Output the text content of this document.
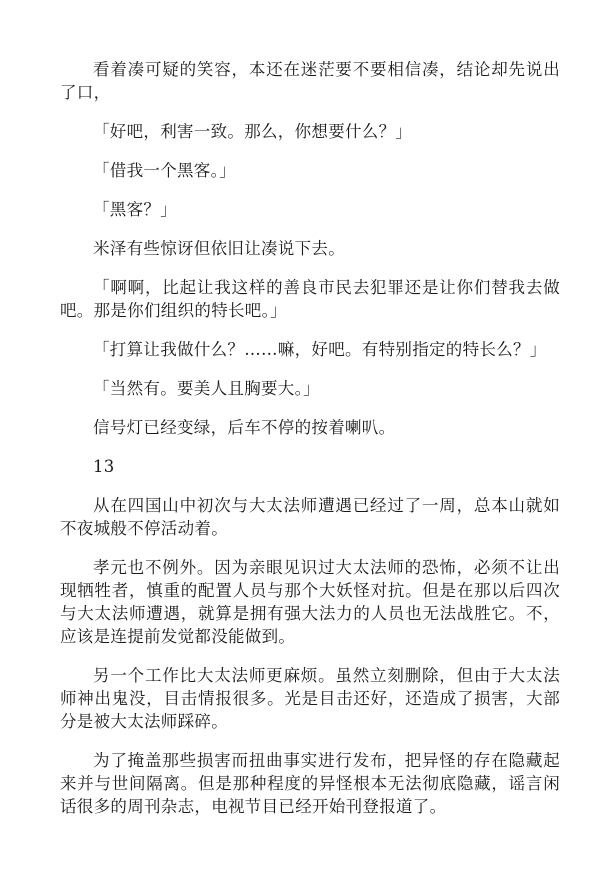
看着凑可疑的笑容，本还在迷茫要不要相信凑，结论却先说出了口，

「好吧，利害一致。那么，你想要什么？」

「借我一个黑客。」

「黑客？」

米泽有些惊讶但依旧让凑说下去。

「啊啊，比起让我这样的善良市民去犯罪还是让你们替我去做吧。那是你们组织的特长吧。」

「打算让我做什么？……嘛，好吧。有特别指定的特长么？」

「当然有。要美人且胸要大。」

信号灯已经变绿，后车不停的按着喇叭。

13

从在四国山中初次与大太法师遭遇已经过了一周，总本山就如不夜城般不停活动着。

孝元也不例外。因为亲眼见识过大太法师的恐怖，必须不让出现牺牲者，慎重的配置人员与那个大妖怪对抗。但是在那以后四次与大太法师遭遇，就算是拥有强大法力的人员也无法战胜它。不，应该是连提前发觉都没能做到。

另一个工作比大太法师更麻烦。虽然立刻删除，但由于大太法师神出鬼没，目击情报很多。光是目击还好，还造成了损害，大部分是被大太法师踩碎。

为了掩盖那些损害而扭曲事实进行发布，把异怪的存在隐藏起来并与世间隔离。但是那种程度的异怪根本无法彻底隐藏，谣言闲话很多的周刊杂志，电视节目已经开始刊登报道了。
